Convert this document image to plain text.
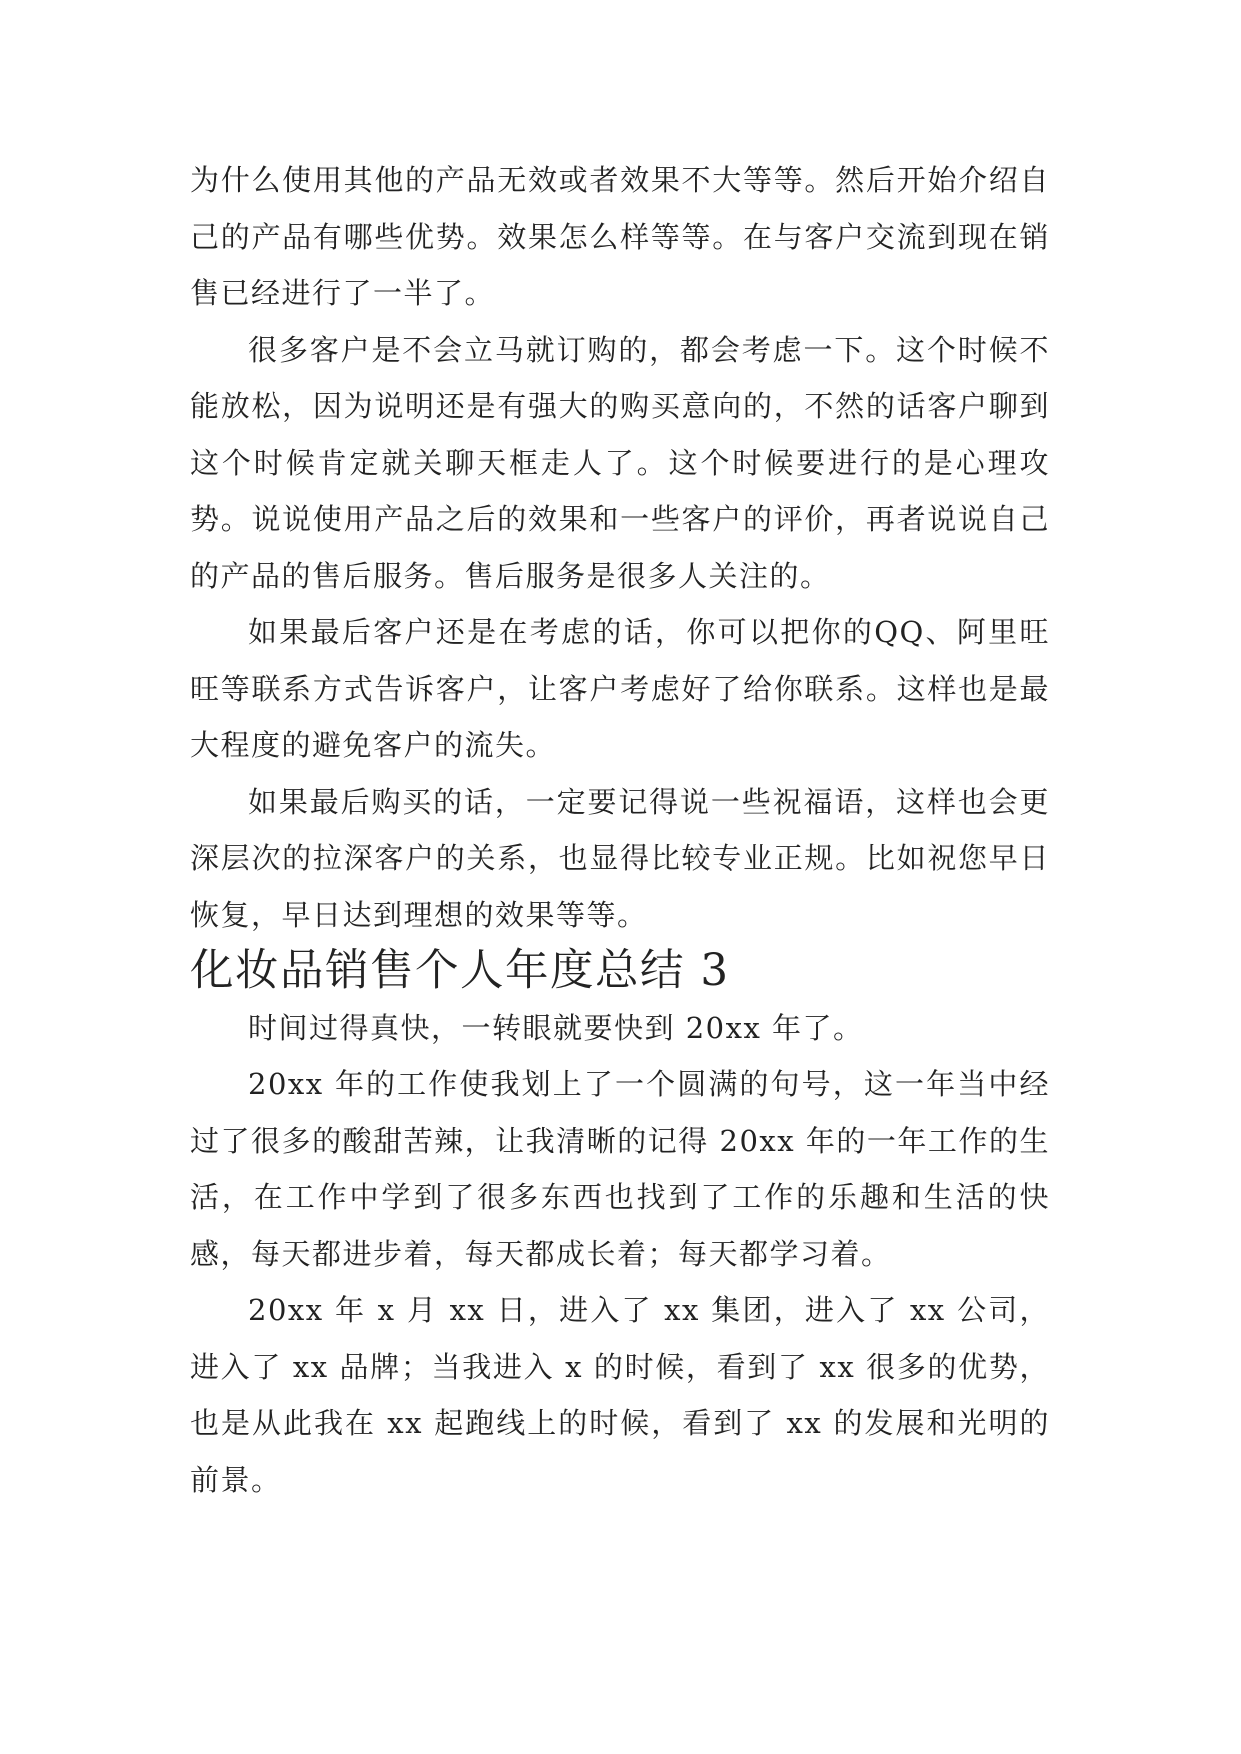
为什么使用其他的产品无效或者效果不大等等。然后开始介绍自己的产品有哪些优势。效果怎么样等等。在与客户交流到现在销售已经进行了一半了。

很多客户是不会立马就订购的，都会考虑一下。这个时候不能放松，因为说明还是有强大的购买意向的，不然的话客户聊到这个时候肯定就关聊天框走人了。这个时候要进行的是心理攻势。说说使用产品之后的效果和一些客户的评价，再者说说自己的产品的售后服务。售后服务是很多人关注的。

如果最后客户还是在考虑的话，你可以把你的QQ、阿里旺旺等联系方式告诉客户，让客户考虑好了给你联系。这样也是最大程度的避免客户的流失。

如果最后购买的话，一定要记得说一些祝福语，这样也会更深层次的拉深客户的关系，也显得比较专业正规。比如祝您早日恢复，早日达到理想的效果等等。

化妆品销售个人年度总结 3

时间过得真快，一转眼就要快到 20xx 年了。

20xx 年的工作使我划上了一个圆满的句号，这一年当中经过了很多的酸甜苦辣，让我清晰的记得 20xx 年的一年工作的生活，在工作中学到了很多东西也找到了工作的乐趣和生活的快感，每天都进步着，每天都成长着；每天都学习着。

20xx 年 x 月 xx 日，进入了 xx 集团，进入了 xx 公司，进入了 xx 品牌；当我进入 x 的时候，看到了 xx 很多的优势，也是从此我在 xx 起跑线上的时候，看到了 xx 的发展和光明的前景。
